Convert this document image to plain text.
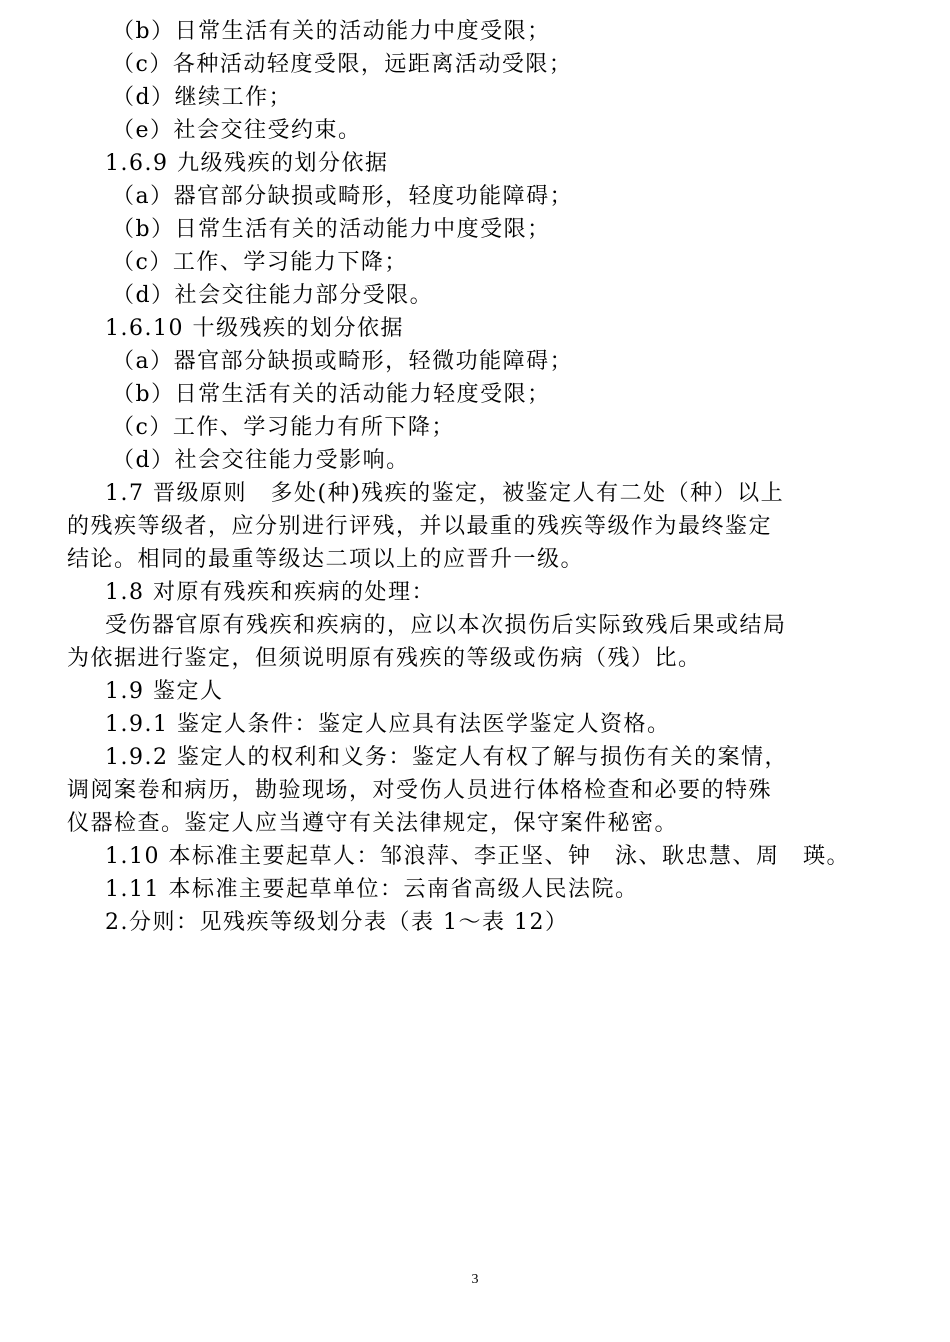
（b）日常生活有关的活动能力中度受限；
（c）各种活动轻度受限，远距离活动受限；
（d）继续工作；
（e）社会交往受约束。
1.6.9 九级残疾的划分依据
（a）器官部分缺损或畸形，轻度功能障碍；
（b）日常生活有关的活动能力中度受限；
（c）工作、学习能力下降；
（d）社会交往能力部分受限。
1.6.10 十级残疾的划分依据
（a）器官部分缺损或畸形，轻微功能障碍；
（b）日常生活有关的活动能力轻度受限；
（c）工作、学习能力有所下降；
（d）社会交往能力受影响。
1.7 晋级原则　多处(种)残疾的鉴定，被鉴定人有二处（种）以上
的残疾等级者，应分别进行评残，并以最重的残疾等级作为最终鉴定
结论。相同的最重等级达二项以上的应晋升一级。
1.8 对原有残疾和疾病的处理：
受伤器官原有残疾和疾病的，应以本次损伤后实际致残后果或结局
为依据进行鉴定，但须说明原有残疾的等级或伤病（残）比。
1.9 鉴定人
1.9.1 鉴定人条件：鉴定人应具有法医学鉴定人资格。
1.9.2 鉴定人的权利和义务：鉴定人有权了解与损伤有关的案情，
调阅案卷和病历，勘验现场，对受伤人员进行体格检查和必要的特殊
仪器检查。鉴定人应当遵守有关法律规定，保守案件秘密。
1.10 本标准主要起草人：邹浪萍、李正坚、钟　泳、耿忠慧、周　瑛。
1.11 本标准主要起草单位：云南省高级人民法院。
2.分则：见残疾等级划分表（表 1～表 12）
3
